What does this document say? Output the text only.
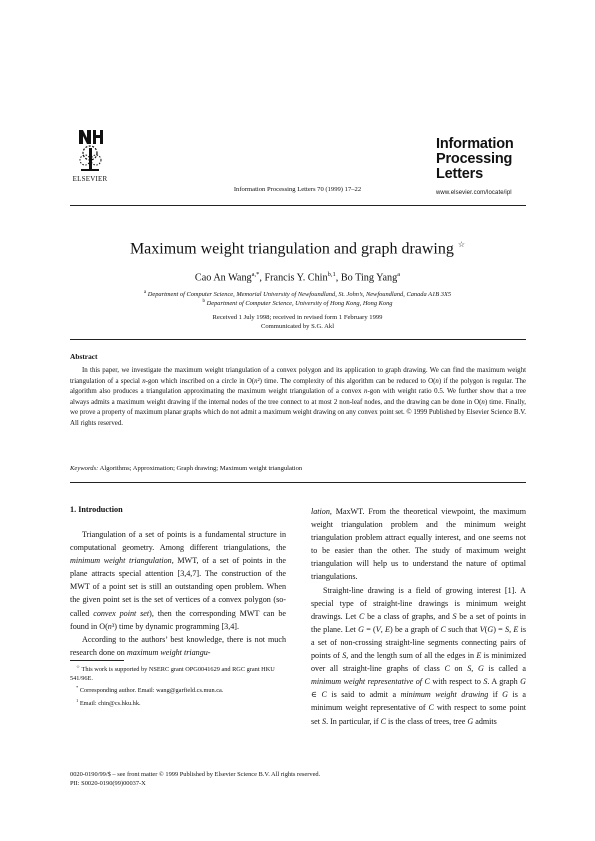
ELSEVIER
Information Processing Letters 70 (1999) 17–22
Information
Processing
Letters
www.elsevier.com/locate/ipl
Maximum weight triangulation and graph drawing ☆
Cao An Wang$^{a,*}$, Francis Y. Chin$^{b,1}$, Bo Ting Yang$^a$
$^a$ Department of Computer Science, Memorial University of Newfoundland, St. John’s, Newfoundland, Canada A1B 3X5
$^b$ Department of Computer Science, University of Hong Kong, Hong Kong
Received 1 July 1998; received in revised form 1 February 1999
Communicated by S.G. Akl
Abstract
In this paper, we investigate the maximum weight triangulation of a convex polygon and its application to graph drawing. We can find the maximum weight triangulation of a special n-gon which inscribed on a circle in O(n²) time. The complexity of this algorithm can be reduced to O(n) if the polygon is regular. The algorithm also produces a triangulation approximating the maximum weight triangulation of a convex n-gon with weight ratio 0.5. We further show that a tree always admits a maximum weight drawing if the internal nodes of the tree connect to at most 2 non-leaf nodes, and the drawing can be done in O(n) time. Finally, we prove a property of maximum planar graphs which do not admit a maximum weight drawing on any convex point set. © 1999 Published by Elsevier Science B.V. All rights reserved.
Keywords: Algorithms; Approximation; Graph drawing; Maximum weight triangulation
1. Introduction

Triangulation of a set of points is a fundamental structure in computational geometry. Among different triangulations, the minimum weight triangulation, MWT, of a set of points in the plane attracts special attention [3,4,7]. The construction of the MWT of a point set is still an outstanding open problem. When the given point set is the set of vertices of a convex polygon (so-called convex point set), then the corresponding MWT can be found in O(n³) time by dynamic programming [3,4].

According to the authors’ best knowledge, there is not much research done on maximum weight triangu-

☆ This work is supported by NSERC grant OPG0041629 and RGC grant HKU 541/96E.

* Corresponding author. Email: wang@garfield.cs.mun.ca.

$^1$ Email: chin@cs.hku.hk.

lation, MaxWT. From the theoretical viewpoint, the maximum weight triangulation problem and the minimum weight triangulation problem attract equally interest, and one seems not to be easier than the other. The study of maximum weight triangulation will help us to understand the nature of optimal triangulations.

Straight-line drawing is a field of growing interest [1]. A special type of straight-line drawings is minimum weight drawings. Let C be a class of graphs, and S be a set of points in the plane. Let G = (V, E) be a graph of C such that V(G) = S, E is a set of non-crossing straight-line segments connecting pairs of points of S, and the length sum of all the edges in E is minimized over all straight-line graphs of class C on S, G is called a minimum weight representative of C with respect to S. A graph G ∈ C is said to admit a minimum weight drawing if G is a minimum weight representative of C with respect to some point set S. In particular, if C is the class of trees, tree G admits

0020-0190/99/$ – see front matter © 1999 Published by Elsevier Science B.V. All rights reserved.
PII: S0020-0190(99)00037-X
